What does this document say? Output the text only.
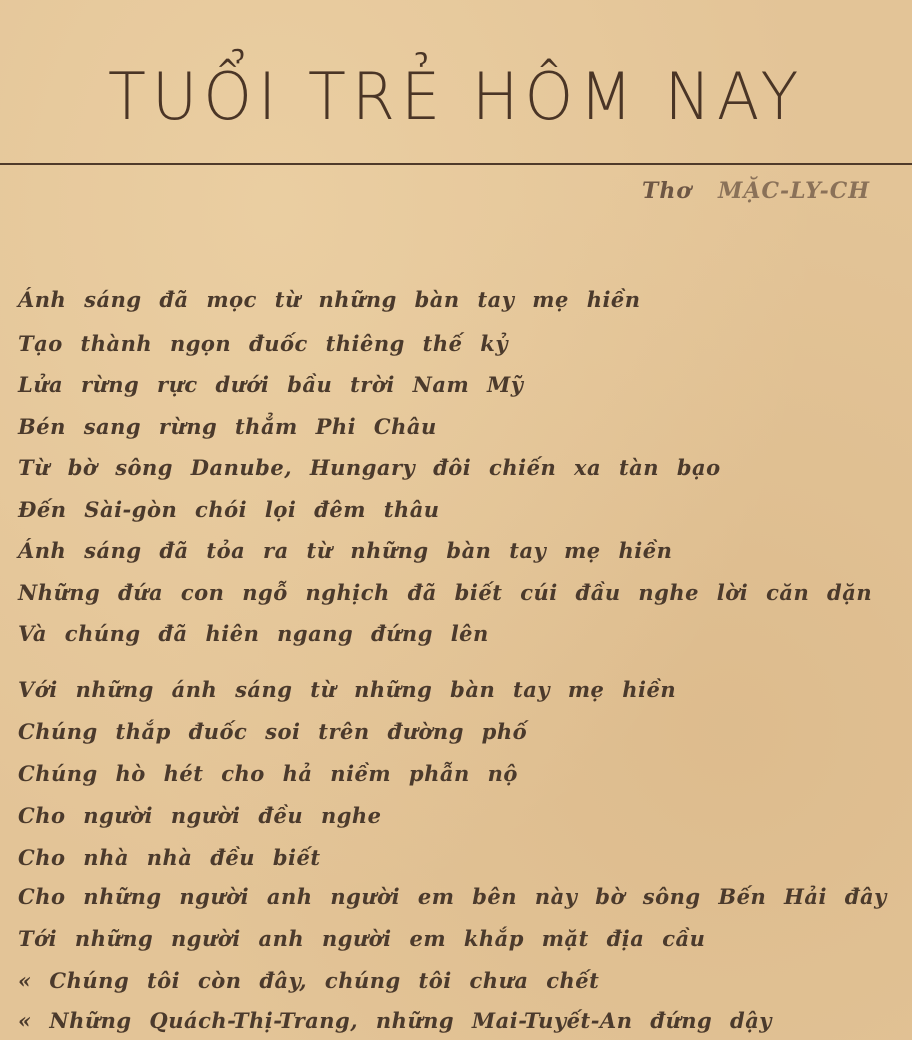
TUỔI TRẺ HÔM NAY
Thơ MẶC-LY-CH
Ánh sáng đã mọc từ những bàn tay mẹ hiền
Tạo thành ngọn đuốc thiêng thế kỷ
Lửa rừng rực dưới bầu trời Nam Mỹ
Bén sang rừng thẳm Phi Châu
Từ bờ sông Danube, Hungary đôi chiến xa tàn bạo
Đến Sài-gòn chói lọi đêm thâu
Ánh sáng đã tỏa ra từ những bàn tay mẹ hiền
Những đứa con ngỗ nghịch đã biết cúi đầu nghe lời căn dặn
Và chúng đã hiên ngang đứng lên
Với những ánh sáng từ những bàn tay mẹ hiền
Chúng thắp đuốc soi trên đường phố
Chúng hò hét cho hả niềm phẫn nộ
Cho người người đều nghe
Cho nhà nhà đều biết
Cho những người anh người em bên này bờ sông Bến Hải đây
Tới những người anh người em khắp mặt địa cầu
« Chúng tôi còn đây, chúng tôi chưa chết
« Những Quách-Thị-Trang, những Mai-Tuyết-An đứng dậy
